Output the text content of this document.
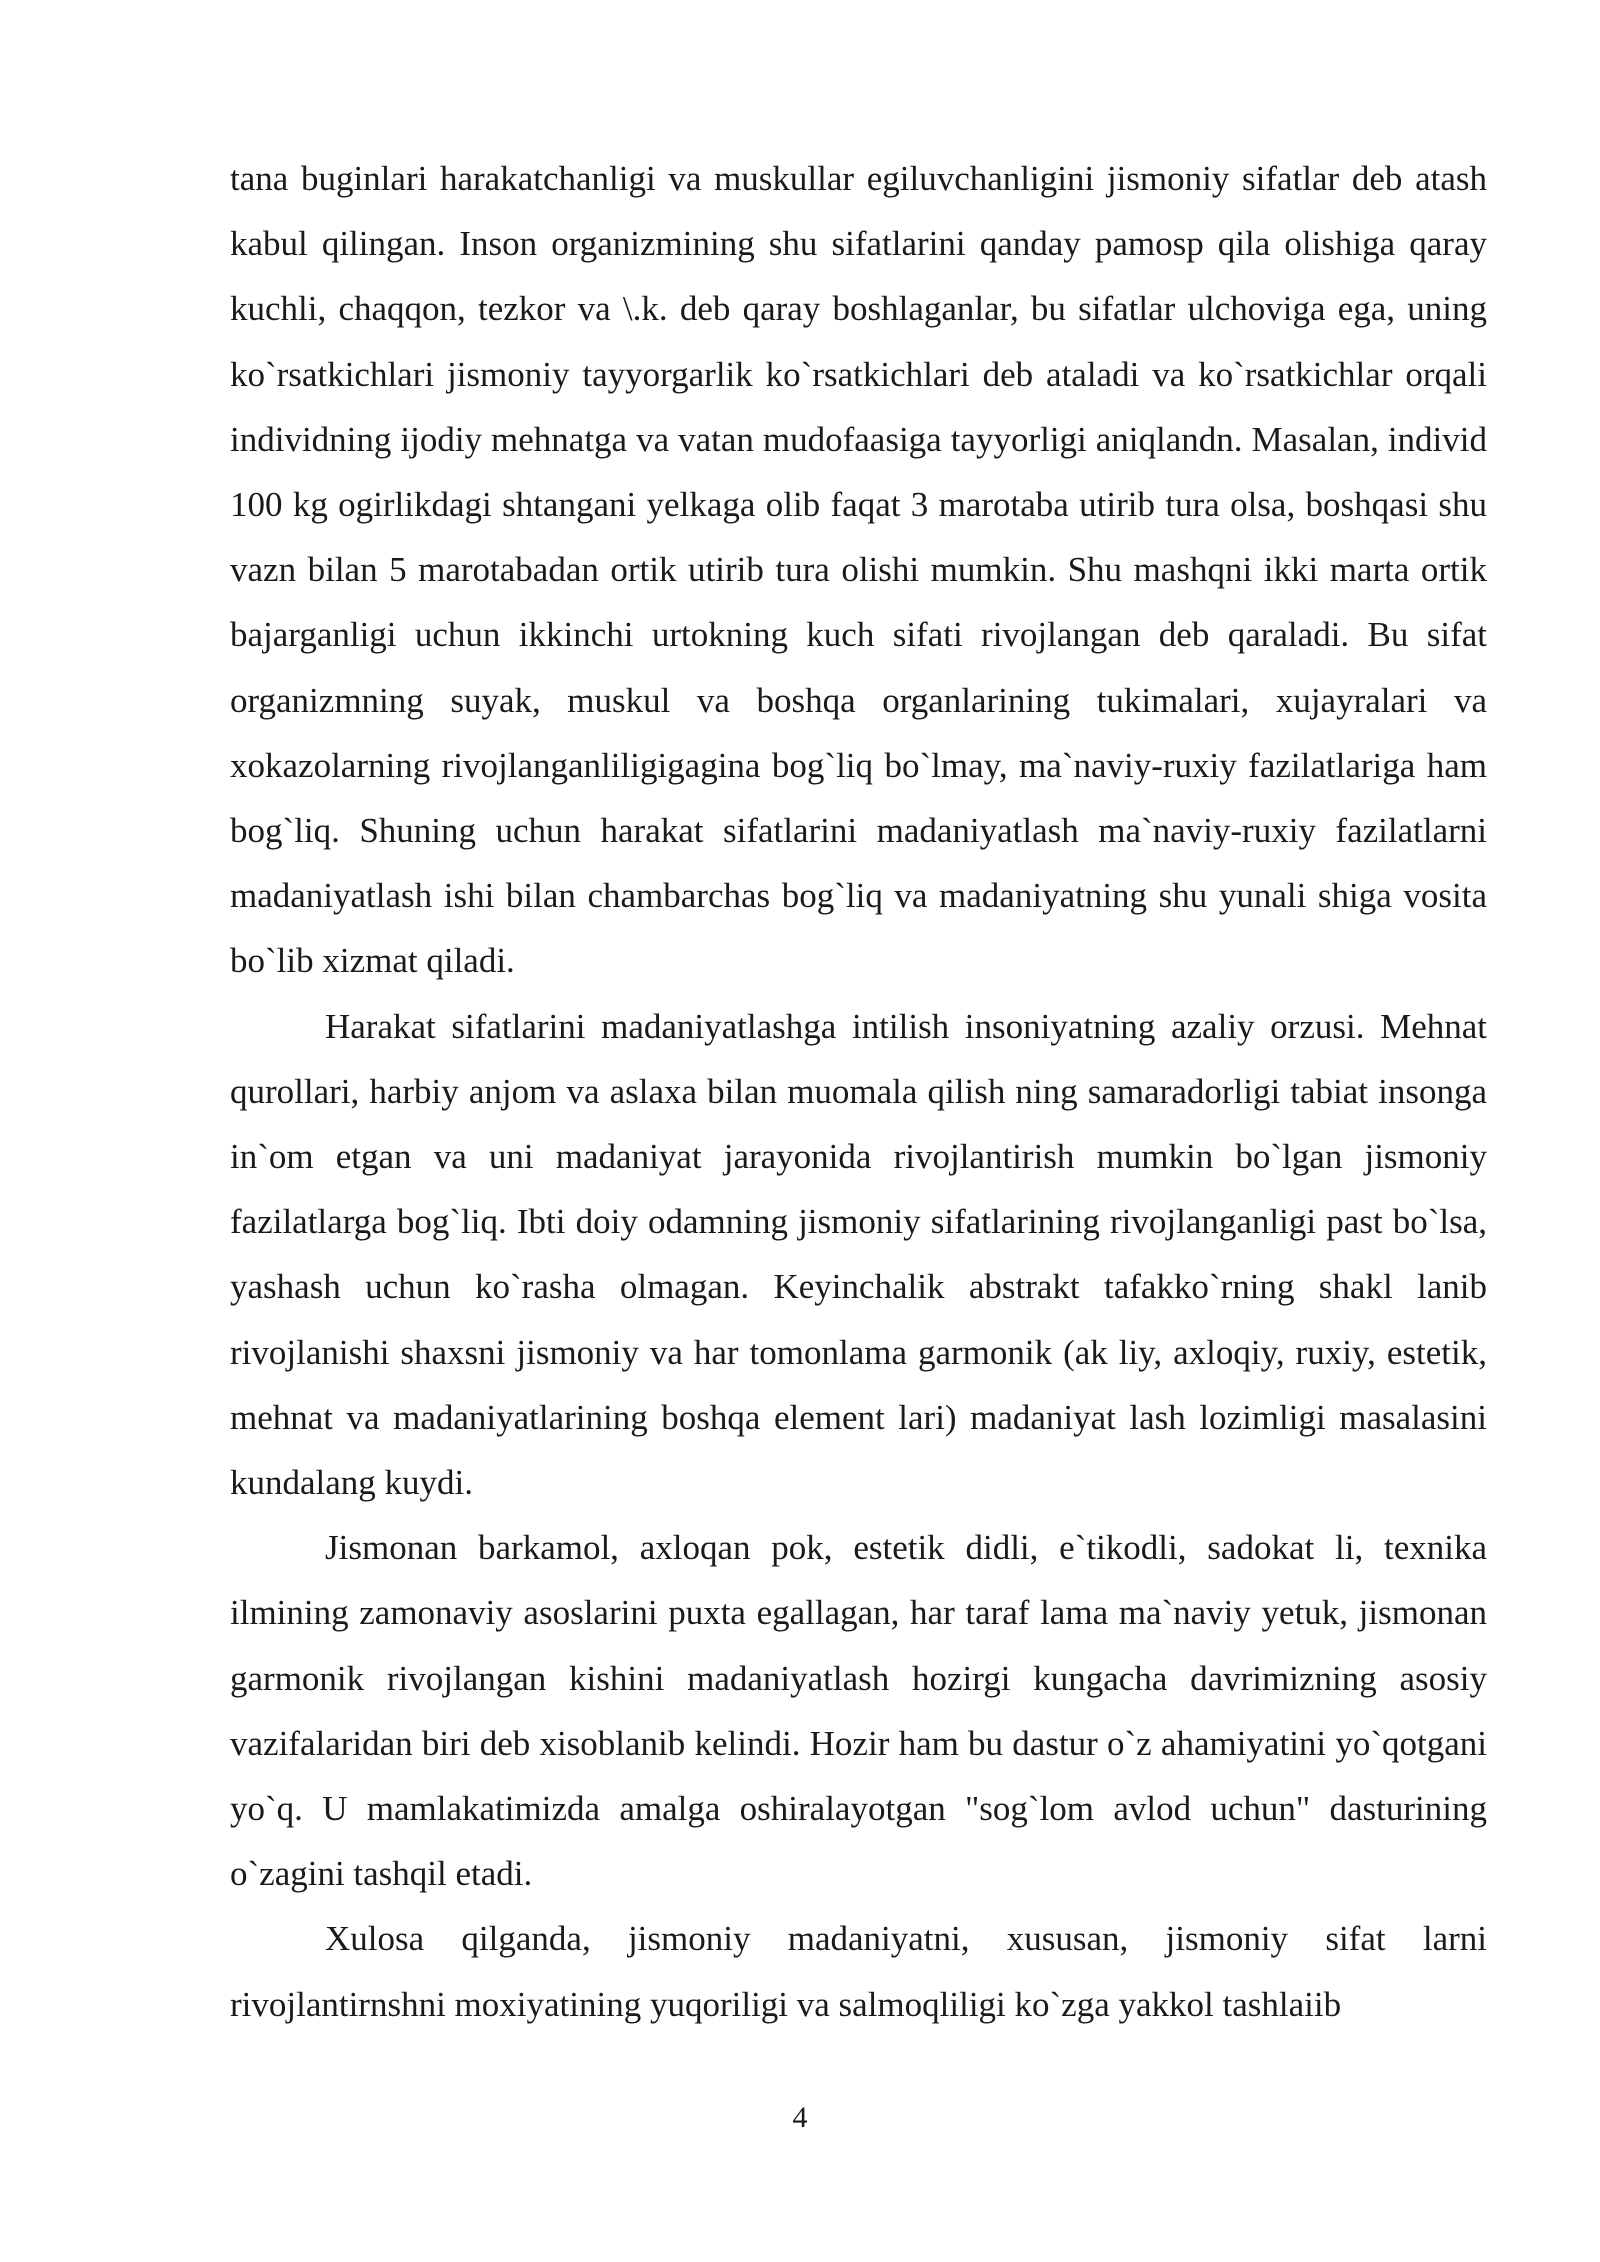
tana buginlari harakatchanligi va muskullar egiluvchanligini jismoniy sifatlar deb atash kabul qilingan. Inson organizmining shu sifatlarini qanday pamosp qila olishiga qaray kuchli, chaqqon, tezkor va \.k. deb qaray boshlaganlar, bu sifatlar ulchoviga ega, uning ko`rsatkichlari jismoniy tayyorgarlik ko`rsatkichlari deb ataladi va ko`rsatkichlar orqali individning ijodiy mehnatga va vatan mudofaasiga tayyorligi aniqlandn. Masalan, individ 100 kg ogirlikdagi shtangani yelkaga olib faqat 3 marotaba utirib tura olsa, boshqasi shu vazn bilan 5 marotabadan ortik utirib tura olishi mumkin. Shu mashqni ikki marta ortik bajarganligi uchun ikkinchi urtokning kuch sifati rivojlangan deb qaraladi. Bu sifat organizmning suyak, muskul va boshqa organlarining tukimalari, xujayralari va xokazolarning rivojlanganliligigagina bog`liq bo`lmay, ma`naviy-ruxiy fazilatlariga ham bog`liq. Shuning uchun harakat sifatlarini madaniyatlash ma`naviy-ruxiy fazilatlarni madaniyatlash ishi bilan chambarchas bog`liq va madaniyatning shu yunali shiga vosita bo`lib xizmat qiladi.

Harakat sifatlarini madaniyatlashga intilish insoniyatning azaliy orzusi. Mehnat qurollari, harbiy anjom va aslaxa bilan muomala qilish ning samaradorligi tabiat insonga in`om etgan va uni madaniyat jarayonida rivojlantirish mumkin bo`lgan jismoniy fazilatlarga bog`liq. Ibti doiy odamning jismoniy sifatlarining rivojlanganligi past bo`lsa, yashash uchun ko`rasha olmagan. Keyinchalik abstrakt tafakko`rning shakl lanib rivojlanishi shaxsni jismoniy va har tomonlama garmonik (ak liy, axloqiy, ruxiy, estetik, mehnat va madaniyatlarining boshqa element lari) madaniyat lash lozimligi masalasini kundalang kuydi.

Jismonan barkamol, axloqan pok, estetik didli, e`tikodli, sadokat li, texnika ilmining zamonaviy asoslarini puxta egallagan, har taraf lama ma`naviy yetuk, jismonan garmonik rivojlangan kishini madaniyatlash hozirgi kungacha davrimizning asosiy vazifalaridan biri deb xisoblanib kelindi. Hozir ham bu dastur o`z ahamiyatini yo`qotgani yo`q. U mamlakatimizda amalga oshiralayotgan "sog`lom avlod uchun" dasturining o`zagini tashqil etadi.

Xulosa qilganda, jismoniy madaniyatni, xususan, jismoniy sifat larni rivojlantirnshni moxiyatining yuqoriligi va salmoqliligi ko`zga yakkol tashlaiib

4
